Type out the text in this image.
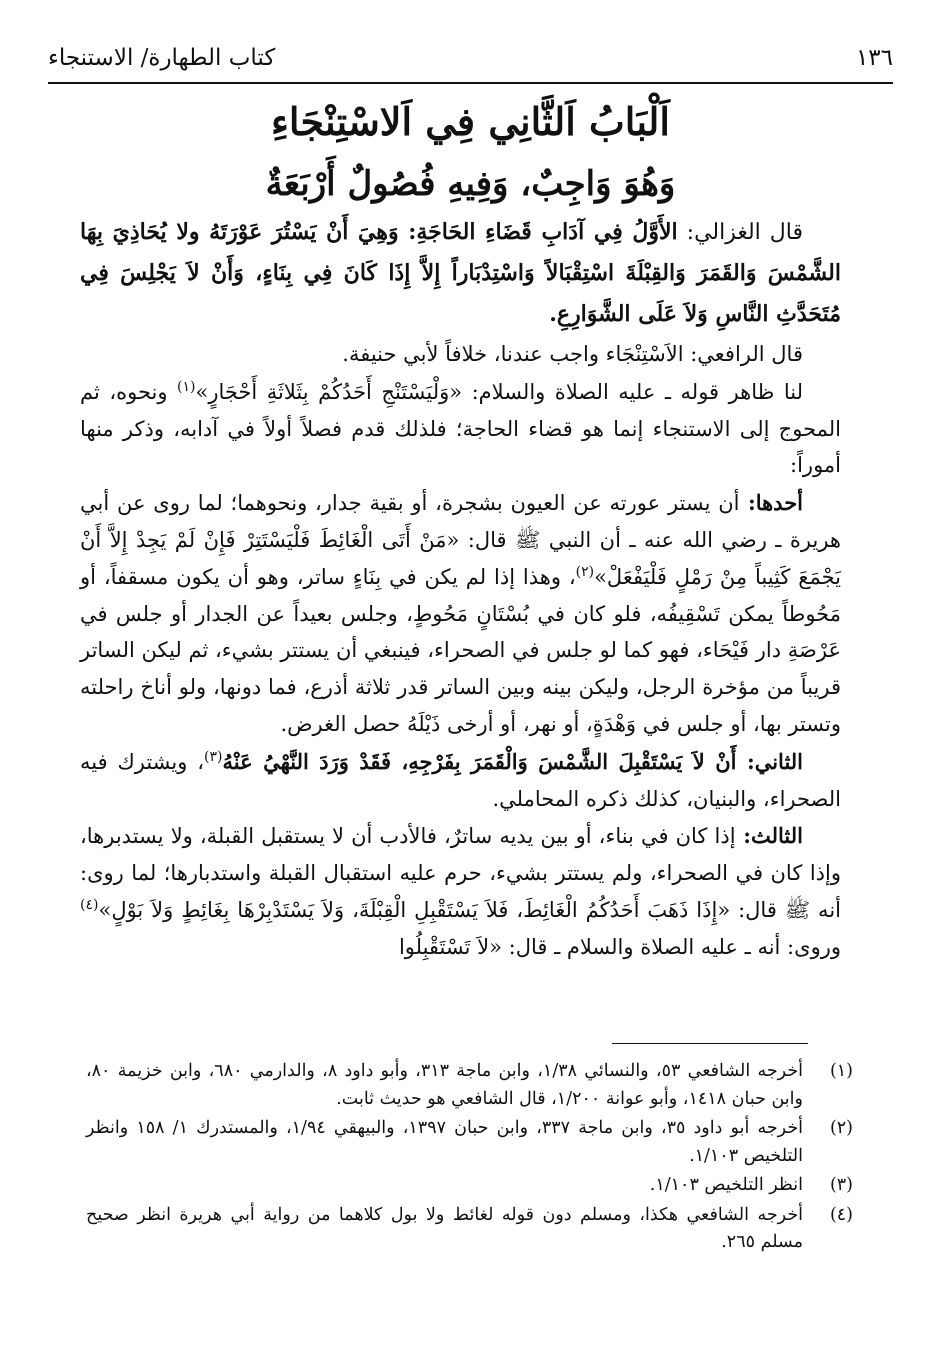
١٣٦
كتاب الطهارة/ الاستنجاء
اَلْبَابُ اَلثَّانِي فِي اَلاسْتِنْجَاءِ
وَهُوَ وَاجِبٌ، وَفِيهِ فُصُولٌ أَرْبَعَةٌ

قال الغزالي: الأَوَّلُ فِي آدَابِ قَضَاءِ الحَاجَةِ: وَهِيَ أَنْ يَسْتُرَ عَوْرَتَهُ ولا يُحَاذِيَ بِهَا الشَّمْسَ وَالقَمَرَ وَالقِبْلَةَ اسْتِقْبَالاً وَاسْتِدْبَاراً إِلاَّ إِذَا كَانَ فِي بِنَاءٍ، وَأَنْ لاَ يَجْلِسَ فِي مُتَحَدَّثِ النَّاسِ وَلاَ عَلَى الشَّوَارِعِ.

قال الرافعي: الاَسْتِنْجَاء واجب عندنا، خلافاً لأبي حنيفة.

لنا ظاهر قوله ـ عليه الصلاة والسلام: «وَلْيَسْتَنْجِ أَحَدُكُمْ بِثَلاثَةِ أَحْجَارٍ»$^{(١)}$ ونحوه، ثم المحوج إلى الاستنجاء إنما هو قضاء الحاجة؛ فلذلك قدم فصلاً أولاً في آدابه، وذكر منها أموراً:

أحدها: أن يستر عورته عن العيون بشجرة، أو بقية جدار، ونحوهما؛ لما روى عن أبي هريرة ـ رضي الله عنه ـ أن النبي ﷺ قال: «مَنْ أَتَى الْغَائِطَ فَلْيَسْتَتِرْ فَإِنْ لَمْ يَجِدْ إِلاَّ أَنْ يَجْمَعَ كَثِيباً مِنْ رَمْلٍ فَلْيَفْعَلْ»$^{(٢)}$، وهذا إذا لم يكن في بِنَاءٍ ساتر، وهو أن يكون مسقفاً، أو مَحُوطاً يمكن تَسْقِيفُه، فلو كان في بُسْتَانٍ مَحُوطٍ، وجلس بعيداً عن الجدار أو جلس في عَرْصَةِ دار فَيْحَاء، فهو كما لو جلس في الصحراء، فينبغي أن يستتر بشيء، ثم ليكن الساتر قريباً من مؤخرة الرجل، وليكن بينه وبين الساتر قدر ثلاثة أذرع، فما دونها، ولو أناخ راحلته وتستر بها، أو جلس في وَهْدَةٍ، أو نهر، أو أرخى ذَيْلَهُ حصل الغرض.

الثاني: أَنْ لاَ يَسْتَقْبِلَ الشَّمْسَ وَالْقَمَرَ بِفَرْجِهِ، فَقَدْ وَرَدَ النَّهْيُ عَنْهُ$^{(٣)}$، ويشترك فيه الصحراء، والبنيان، كذلك ذكره المحاملي.

الثالث: إذا كان في بناء، أو بين يديه ساترٌ، فالأدب أن لا يستقبل القبلة، ولا يستدبرها، وإذا كان في الصحراء، ولم يستتر بشيء، حرم عليه استقبال القبلة واستدبارها؛ لما روى: أنه ﷺ قال: «إِذَا ذَهَبَ أَحَدُكُمُ الْغَائِطَ، فَلاَ يَسْتَقْبِلِ الْقِبْلَةَ، وَلاَ يَسْتَدْبِرْهَا بِغَائِطٍ وَلاَ بَوْلٍ»$^{(٤)}$ وروى: أنه ـ عليه الصلاة والسلام ـ قال: «لاَ تَسْتَقْبِلُوا

(١)
أخرجه الشافعي ٥٣، والنسائي ١/٣٨، وابن ماجة ٣١٣، وأبو داود ٨، والدارمي ٦٨٠، وابن خزيمة ٨٠، وابن حبان ١٤١٨، وأبو عوانة ١/٢٠٠، قال الشافعي هو حديث ثابت.
(٢)
أخرجه أبو داود ٣٥، وابن ماجة ٣٣٧، وابن حبان ١٣٩٧، والبيهقي ١/٩٤، والمستدرك ١/ ١٥٨ وانظر التلخيص ١/١٠٣.
(٣)
انظر التلخيص ١/١٠٣.
(٤)
أخرجه الشافعي هكذا، ومسلم دون قوله لغائط ولا بول كلاهما من رواية أبي هريرة انظر صحيح مسلم ٢٦٥.
